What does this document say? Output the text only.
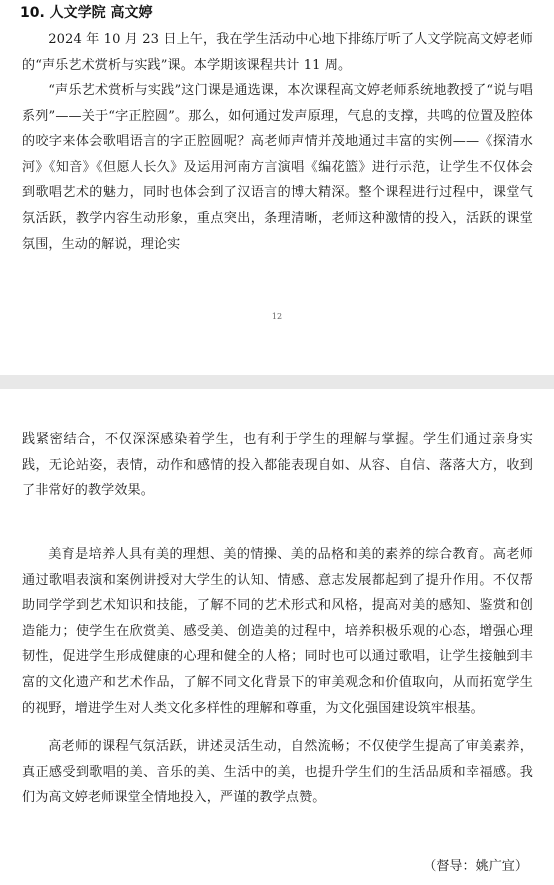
10. 人文学院 高文婷

2024 年 10 月 23 日上午，我在学生活动中心地下排练厅听了人文学院高文婷老师的“声乐艺术赏析与实践”课。本学期该课程共计 11 周。

“声乐艺术赏析与实践”这门课是通选课，本次课程高文婷老师系统地教授了“说与唱系列”——关于“字正腔圆”。那么，如何通过发声原理，气息的支撑，共鸣的位置及腔体的咬字来体会歌唱语言的字正腔圆呢？高老师声情并茂地通过丰富的实例——《探清水河》《知音》《但愿人长久》及运用河南方言演唱《编花篮》进行示范，让学生不仅体会到歌唱艺术的魅力，同时也体会到了汉语言的博大精深。整个课程进行过程中，课堂气氛活跃，教学内容生动形象，重点突出，条理清晰，老师这种激情的投入，活跃的课堂氛围，生动的解说，理论实

12

践紧密结合，不仅深深感染着学生，也有利于学生的理解与掌握。学生们通过亲身实践，无论站姿，表情，动作和感情的投入都能表现自如、从容、自信、落落大方，收到了非常好的教学效果。

美育是培养人具有美的理想、美的情操、美的品格和美的素养的综合教育。高老师通过歌唱表演和案例讲授对大学生的认知、情感、意志发展都起到了提升作用。不仅帮助同学学到艺术知识和技能，了解不同的艺术形式和风格，提高对美的感知、鉴赏和创造能力；使学生在欣赏美、感受美、创造美的过程中，培养积极乐观的心态，增强心理韧性，促进学生形成健康的心理和健全的人格；同时也可以通过歌唱，让学生接触到丰富的文化遗产和艺术作品，了解不同文化背景下的审美观念和价值取向，从而拓宽学生的视野，增进学生对人类文化多样性的理解和尊重，为文化强国建设筑牢根基。

高老师的课程气氛活跃，讲述灵活生动，自然流畅；不仅使学生提高了审美素养，真正感受到歌唱的美、音乐的美、生活中的美，也提升学生们的生活品质和幸福感。我们为高文婷老师课堂全情地投入，严谨的教学点赞。

（督导：姚广宜）
